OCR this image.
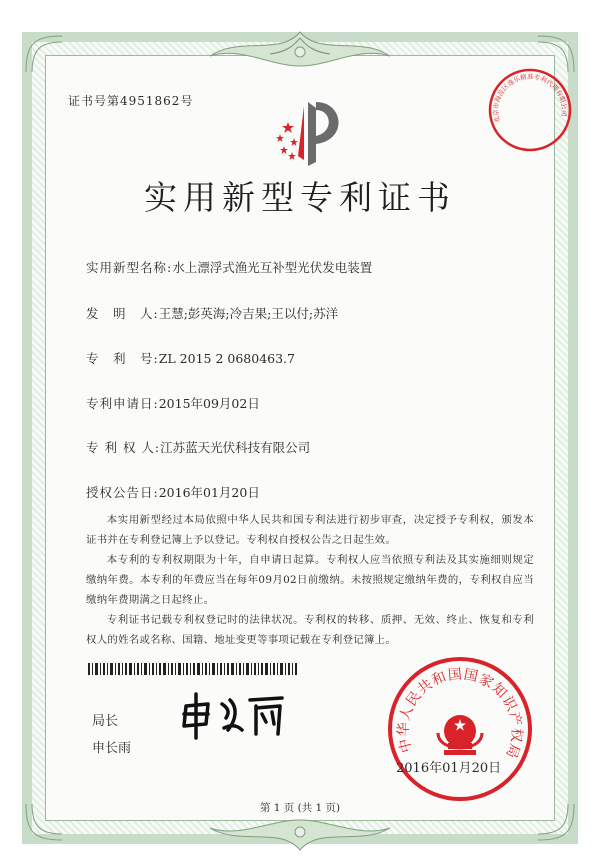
证书号第4951862号
实用新型专利证书
实用新型名称:水上漂浮式渔光互补型光伏发电装置
发　明　人:王慧;彭英海;冷吉果;王以付;苏洋
专　利　号:ZL 2015 2 0680463.7
专利申请日:2015年09月02日
专 利 权 人:江苏蓝天光伏科技有限公司
授权公告日:2016年01月20日
本实用新型经过本局依照中华人民共和国专利法进行初步审查，决定授予专利权，颁发本证书并在专利登记簿上予以登记。专利权自授权公告之日起生效。
本专利的专利权期限为十年，自申请日起算。专利权人应当依照专利法及其实施细则规定缴纳年费。本专利的年费应当在每年09月02日前缴纳。未按照规定缴纳年费的，专利权自应当缴纳年费期满之日起终止。
专利证书记载专利权登记时的法律状况。专利权的转移、质押、无效、终止、恢复和专利权人的姓名或名称、国籍、地址变更等事项记载在专利登记簿上。
局长
申长雨	中华人民共和国国家知识产权局
北京市海淀区逸乐精准专利代理有限公司
2016年01月20日
第 1 页 (共 1 页)
